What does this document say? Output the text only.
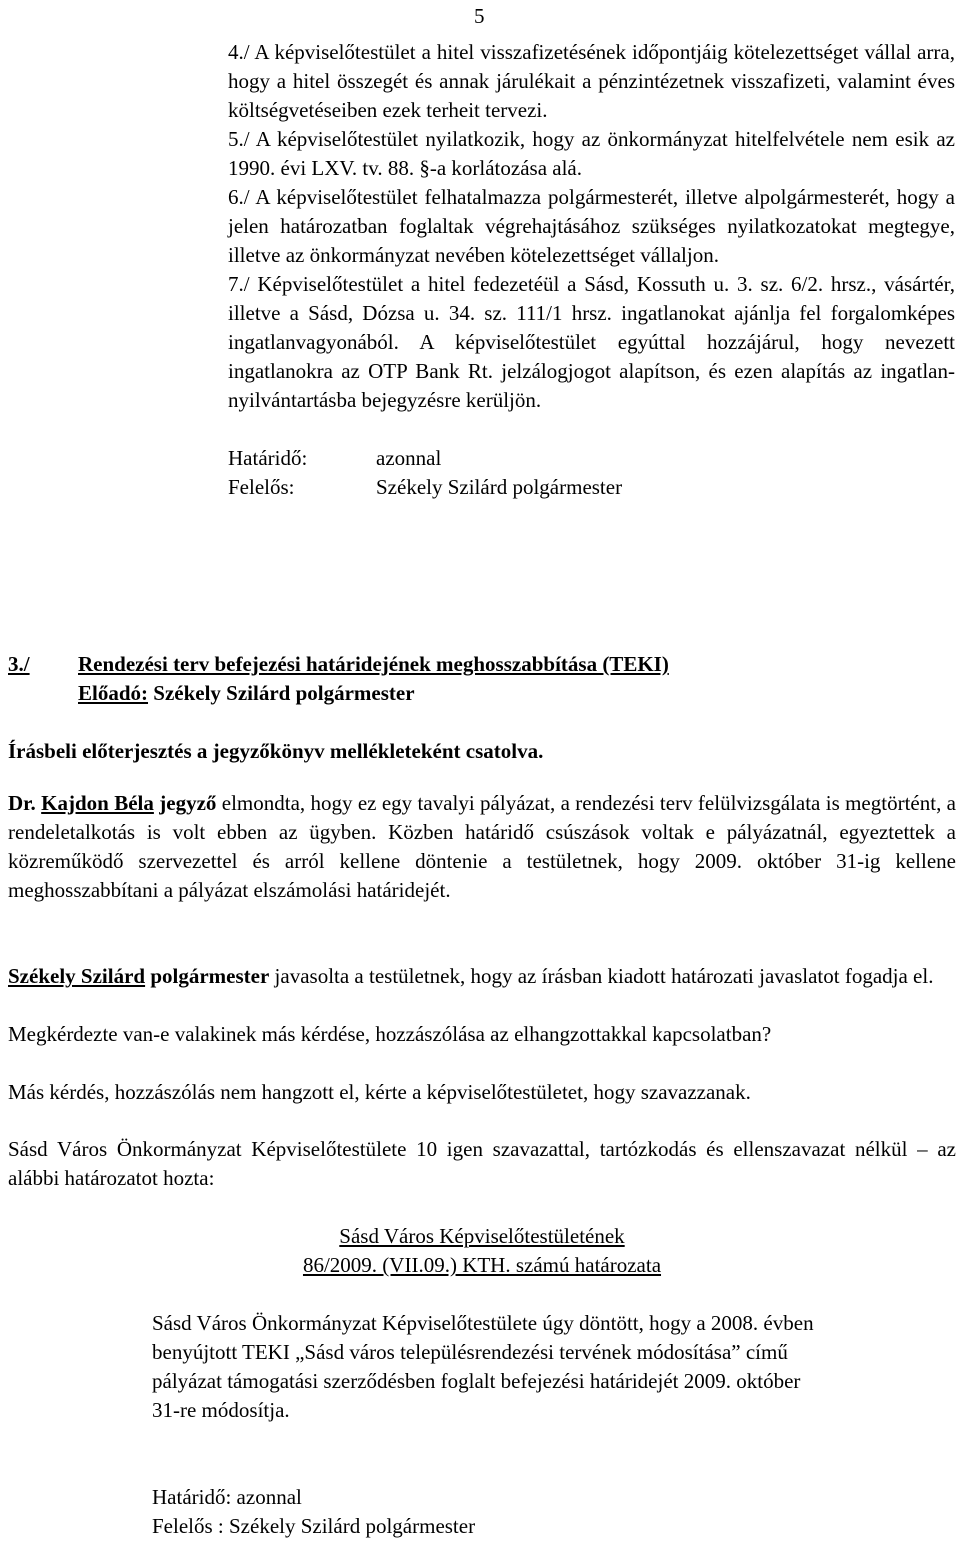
5

4./ A képviselőtestület a hitel visszafizetésének időpontjáig kötelezettséget vállal arra, hogy a hitel összegét és annak járulékait a pénzintézetnek visszafizeti, valamint éves költségvetéseiben ezek terheit tervezi.

5./ A képviselőtestület nyilatkozik, hogy az önkormányzat hitelfelvétele nem esik az 1990. évi LXV. tv. 88. §-a korlátozása alá.

6./ A képviselőtestület felhatalmazza polgármesterét, illetve alpolgármesterét, hogy a jelen határozatban foglaltak végrehajtásához szükséges nyilatkozatokat megtegye, illetve az önkormányzat nevében kötelezettséget vállaljon.

7./ Képviselőtestület a hitel fedezetéül a Sásd, Kossuth u. 3. sz. 6/2. hrsz., vásártér, illetve a Sásd, Dózsa u. 34. sz. 111/1 hrsz. ingatlanokat ajánlja fel forgalomképes ingatlanvagyonából. A képviselőtestület egyúttal hozzájárul, hogy nevezett ingatlanokra az OTP Bank Rt. jelzálogjogot alapítson, és ezen alapítás az ingatlan-nyilvántartásba bejegyzésre kerüljön.

Határidő:	azonnal
Felelős:	Székely Szilárd polgármester
3./	Rendezési terv befejezési határidejének meghosszabbítása (TEKI)
Előadó: Székely Szilárd polgármester
Írásbeli előterjesztés a jegyzőkönyv mellékleteként csatolva.
Dr. Kajdon Béla jegyző elmondta, hogy ez egy tavalyi pályázat, a rendezési terv felülvizsgálata is megtörtént, a rendeletalkotás is volt ebben az ügyben. Közben határidő csúszások voltak e pályázatnál, egyeztettek a közreműködő szervezettel és arról kellene döntenie a testületnek, hogy 2009. október 31-ig kellene meghosszabbítani a pályázat elszámolási határidejét.
Székely Szilárd polgármester javasolta a testületnek, hogy az írásban kiadott határozati javaslatot fogadja el.
Megkérdezte van-e valakinek más kérdése, hozzászólása az elhangzottakkal kapcsolatban?
Más kérdés, hozzászólás nem hangzott el, kérte a képviselőtestületet, hogy szavazzanak.
Sásd Város Önkormányzat Képviselőtestülete 10 igen szavazattal, tartózkodás és ellenszavazat nélkül – az alábbi határozatot hozta:
Sásd Város Képviselőtestületének
86/2009. (VII.09.) KTH. számú határozata
Sásd Város Önkormányzat Képviselőtestülete úgy döntött, hogy a 2008. évben benyújtott TEKI „Sásd város településrendezési tervének módosítása” című pályázat támogatási szerződésben foglalt befejezési határidejét 2009. október 31-re módosítja.
Határidő: azonnal
Felelős : Székely Szilárd polgármester
